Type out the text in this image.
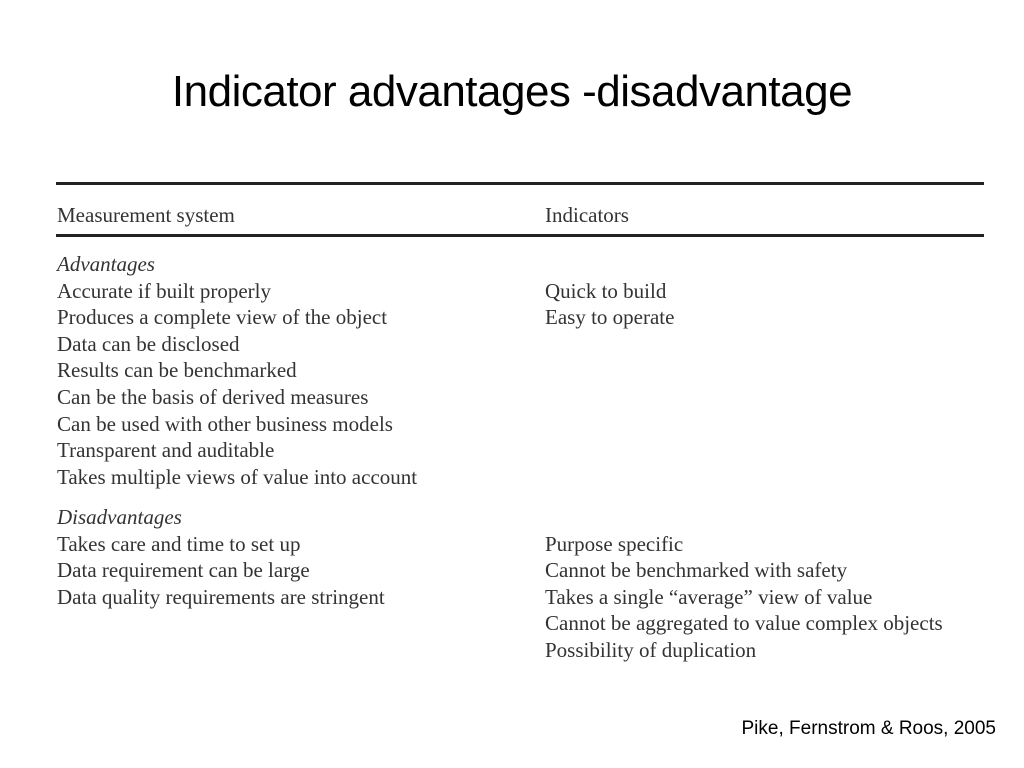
Indicator advantages -disadvantage
Measurement system	Indicators
Advantages
Accurate if built properly
Produces a complete view of the object
Data can be disclosed
Results can be benchmarked
Can be the basis of derived measures
Can be used with other business models
Transparent and auditable
Takes multiple views of value into account
Quick to build
Easy to operate
Disadvantages
Takes care and time to set up
Data requirement can be large
Data quality requirements are stringent
Purpose specific
Cannot be benchmarked with safety
Takes a single “average” view of value
Cannot be aggregated to value complex objects
Possibility of duplication
Pike, Fernstrom & Roos, 2005
